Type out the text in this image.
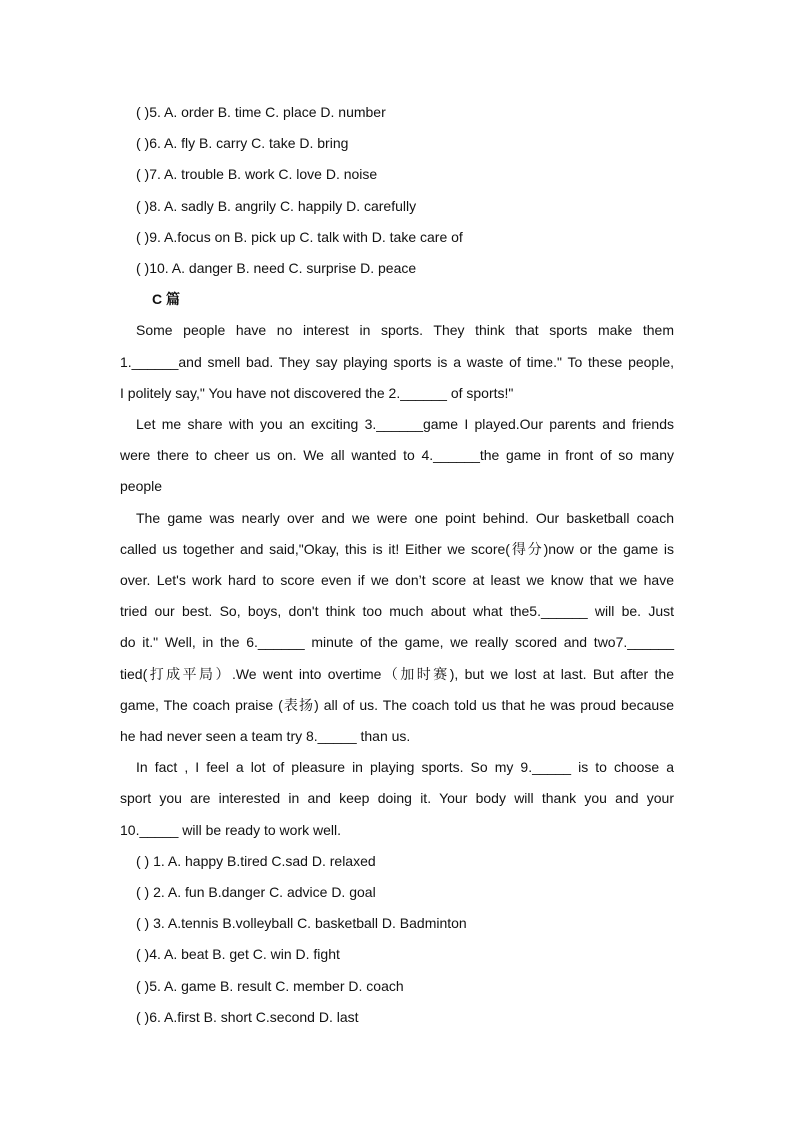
( )5. A. order B. time C. place D. number
( )6. A. fly B. carry C. take D. bring
( )7. A. trouble B. work C. love D. noise
( )8. A. sadly B. angrily C. happily D. carefully
( )9. A.focus on B. pick up C. talk with D. take care of
( )10. A. danger B. need C. surprise D. peace
C 篇
Some people have no interest in sports. They think that sports make them
1.______and smell bad. They say playing sports is a waste of time." To these people,
I politely say," You have not discovered the 2.______ of sports!"
Let me share with you an exciting 3.______game I played.Our parents and friends
were there to cheer us on. We all wanted to 4.______the game in front of so many
people
The game was nearly over and we were one point behind. Our basketball coach
called us together and said,"Okay, this is it! Either we score(得分)now or the game is
over. Let's work hard to score even if we don’t score at least we know that we have
tried our best. So, boys, don't think too much about what the5.______ will be. Just
do it." Well, in the 6.______ minute of the game, we really scored and two7.______
tied(打成平局）.We went into overtime（加时赛), but we lost at last. But after the
game, The coach praise (表扬) all of us. The coach told us that he was proud because
he had never seen a team try 8._____ than us.
In fact , I feel a lot of pleasure in playing sports. So my 9._____ is to choose a
sport you are interested in and keep doing it. Your body will thank you and your
10._____ will be ready to work well.
( ) 1. A. happy B.tired C.sad D. relaxed
( ) 2. A. fun B.danger C. advice D. goal
( ) 3. A.tennis B.volleyball C. basketball D. Badminton
( )4. A. beat B. get C. win D. fight
( )5. A. game B. result C. member D. coach
( )6. A.first B. short C.second D. last
